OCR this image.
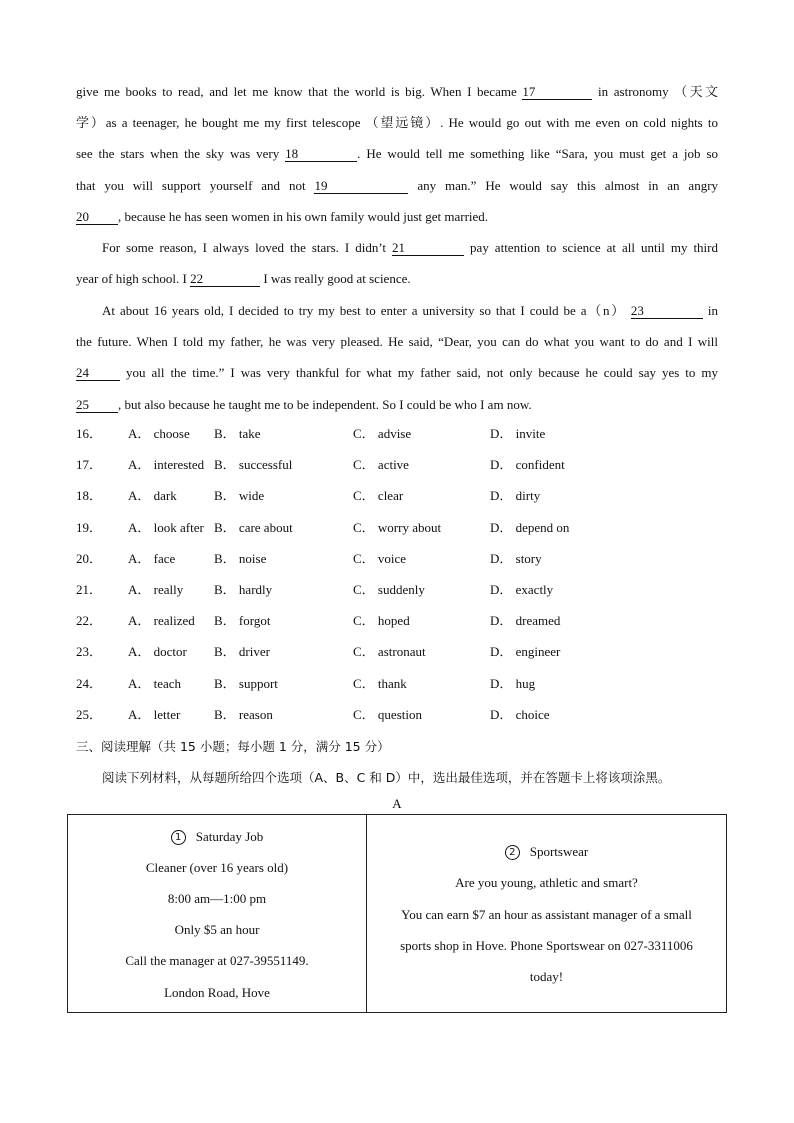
give me books to read, and let me know that the world is big. When I became 17	in astronomy （天文
学）as a teenager, he bought me my first telescope （望远镜）. He would go out with me even on cold nights to
see the stars when the sky was very 18	. He would tell me something like “Sara, you must get a job so
that you will support yourself and not 19	any man.” He would say this almost in an angry
20 , because he has seen women in his own family would just get married.
For some reason, I always loved the stars. I didn’t 21	pay attention to science at all until my third
year of high school. I 22	I was really good at science.
At about 16 years old, I decided to try my best to enter a university so that I could be a（n） 23	in
the future. When I told my father, he was very pleased. He said, “Dear, you can do what you want to do and I will
24	you all the time.” I was very thankful for what my father said, not only because he could say yes to my
25 , but also because he taught me to be independent. So I could be who I am now.
16． A． choose B． take	C． advise	D． invite
17． A． interested B． successful	C． active	D． confident
18． A． dark	B． wide	C． clear	D． dirty
19． A． look after B． care about	C． worry about	D． depend on
20． A． face	B． noise	C． voice	D． story
21． A． really B． hardly	C． suddenly	D． exactly
22． A． realized B． forgot	C． hoped	D． dreamed
23． A． doctor B． driver	C． astronaut	D． engineer
24． A． teach	B． support	C． thank	D． hug
25． A． letter	B． reason	C． question	D． choice
三、阅读理解（共 15 小题；每小题 1 分，满分 15 分）
阅读下列材料，从每题所给四个选项（A、B、C 和 D）中，选出最佳选项，并在答题卡上将该项涂黑。
A
1 Saturday Job
Cleaner (over 16 years old)
8:00 am—1:00 pm
Only $5 an hour
Call the manager at 027-39551149.
London Road, Hove
2 Sportswear
Are you young, athletic and smart?
You can earn $7 an hour as assistant manager of a small
sports shop in Hove. Phone Sportswear on 027-3311006
today!
